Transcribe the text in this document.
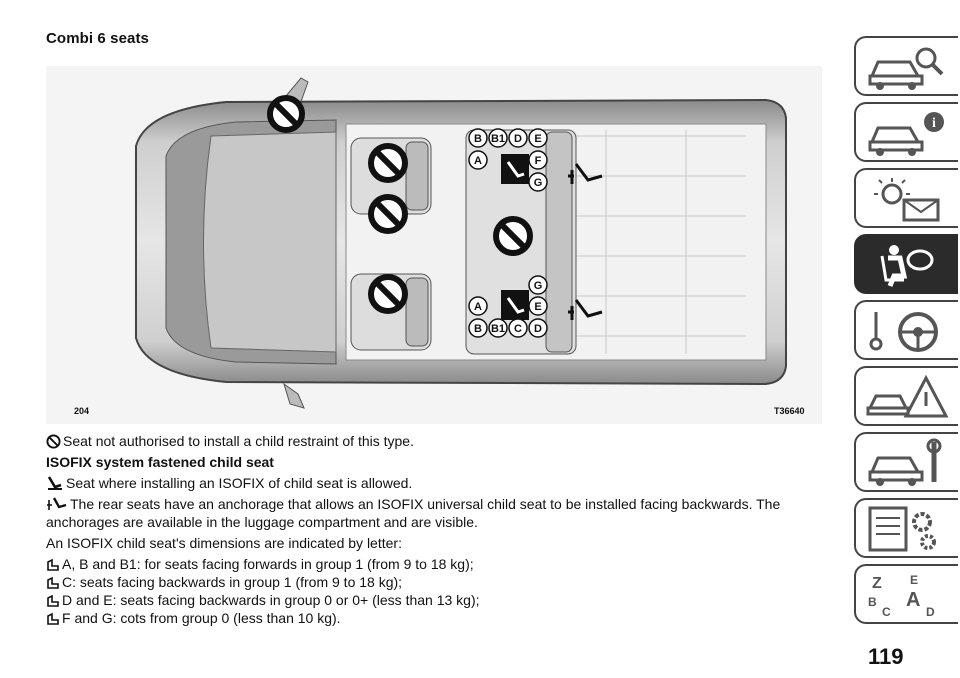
Combi 6 seats
B B1 D E
A	F
G
G
A	E
B B1 C D
204	T36640

Seat not authorised to install a child restraint of this type.

ISOFIX system fastened child seat

Seat where installing an ISOFIX of child seat is allowed.

The rear seats have an anchorage that allows an ISOFIX universal child seat to be installed facing backwards. The anchorages are available in the luggage compartment and are visible.

An ISOFIX child seat's dimensions are indicated by letter:

A, B and B1: for seats facing forwards in group 1 (from 9 to 18 kg);

C: seats facing backwards in group 1 (from 9 to 18 kg);

D and E: seats facing backwards in group 0 or 0+ (less than 13 kg);

F and G: cots from group 0 (less than 10 kg).

i
Z E
B A
C	D
119
